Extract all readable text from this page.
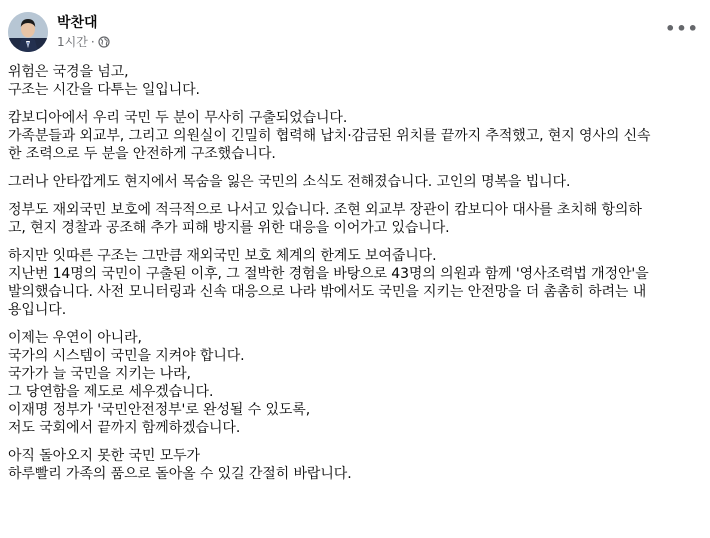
박찬대
1시간 ·
•••
위험은 국경을 넘고,
구조는 시간을 다투는 일입니다.
캄보디아에서 우리 국민 두 분이 무사히 구출되었습니다.
가족분들과 외교부, 그리고 의원실이 긴밀히 협력해 납치·감금된 위치를 끝까지 추적했고, 현지 영사의 신속
한 조력으로 두 분을 안전하게 구조했습니다.
그러나 안타깝게도 현지에서 목숨을 잃은 국민의 소식도 전해졌습니다. 고인의 명복을 빕니다.
정부도 재외국민 보호에 적극적으로 나서고 있습니다. 조현 외교부 장관이 캄보디아 대사를 초치해 항의하
고, 현지 경찰과 공조해 추가 피해 방지를 위한 대응을 이어가고 있습니다.
하지만 잇따른 구조는 그만큼 재외국민 보호 체계의 한계도 보여줍니다.
지난번 14명의 국민이 구출된 이후, 그 절박한 경험을 바탕으로 43명의 의원과 함께 '영사조력법 개정안'을
발의했습니다. 사전 모니터링과 신속 대응으로 나라 밖에서도 국민을 지키는 안전망을 더 촘촘히 하려는 내
용입니다.
이제는 우연이 아니라,
국가의 시스템이 국민을 지켜야 합니다.
국가가 늘 국민을 지키는 나라,
그 당연함을 제도로 세우겠습니다.
이재명 정부가 '국민안전정부'로 완성될 수 있도록,
저도 국회에서 끝까지 함께하겠습니다.
아직 돌아오지 못한 국민 모두가
하루빨리 가족의 품으로 돌아올 수 있길 간절히 바랍니다.
